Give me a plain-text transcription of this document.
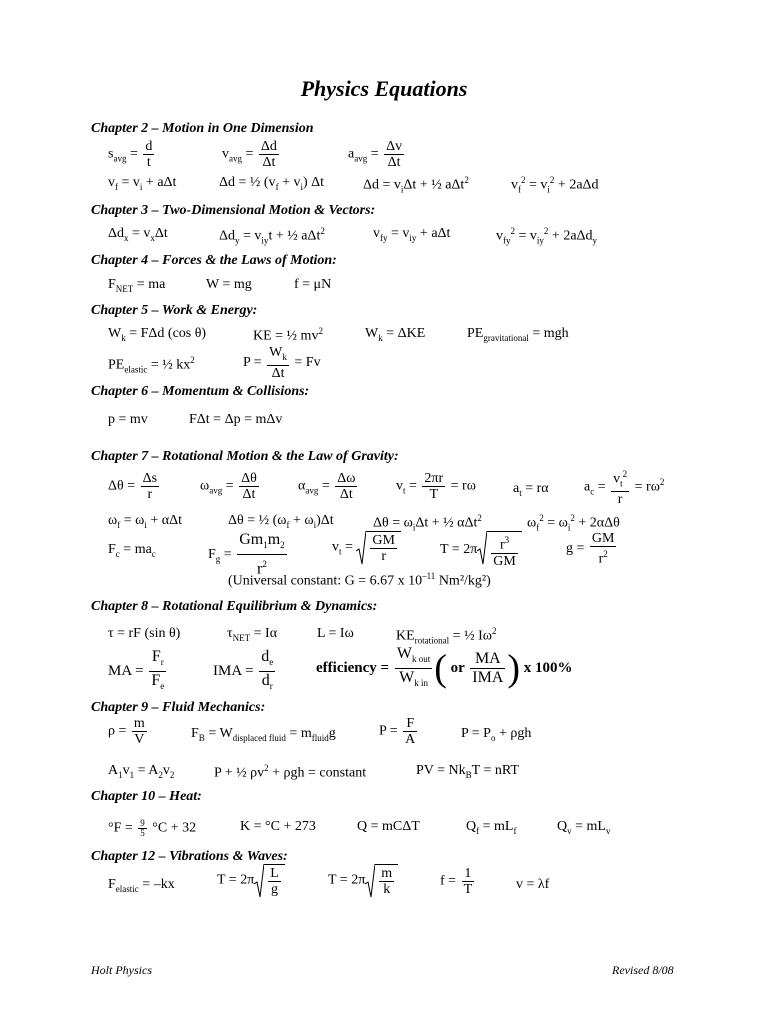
Physics Equations
Chapter 2 – Motion in One Dimension
$s_{avg} = \frac{d}{t}$	$v_{avg} = \frac{\Delta d}{\Delta t}$	$a_{avg} = \frac{\Delta v}{\Delta t}$
$v_f = v_i + a\Delta t$	Δd = ½ $(v_f + v_i)$ Δt	$\Delta d = v_i\Delta t$ + ½ aΔt$^2$	$v_f^2 = v_i^2 + 2a\Delta d$
Chapter 3 – Two-Dimensional Motion & Vectors:
$\Delta d_x = v_x\Delta t$	$\Delta d_y = v_{iy}t$ + ½ aΔt$^2$	$v_{fy} = v_{iy} + a\Delta t$	$v_{fy}^2 = v_{iy}^2 + 2a\Delta d_y$
Chapter 4 – Forces & the Laws of Motion:
$F_{NET}$ = ma	W = mg	f = μN
Chapter 5 – Work & Energy:
$W_k = F\Delta d$ (cos θ)	KE = ½ $mv^2$	$W_k = \Delta KE$	$PE_{gravitational}$ = mgh
$PE_{elastic}$ = ½ $kx^2$	$P = \frac{W_k}{\Delta t} = Fv$
Chapter 6 – Momentum & Collisions:
p = mv	FΔt = Δp = mΔv
Chapter 7 – Rotational Motion & the Law of Gravity:
$\Delta\theta = \frac{\Delta s}{r}$	$\omega_{avg} = \frac{\Delta\theta}{\Delta t}$	$\alpha_{avg} = \frac{\Delta\omega}{\Delta t}$	$v_t = \frac{2\pi r}{T} = r\omega$	$a_t = r\alpha$	$a_c = \frac{v_t^2}{r} = r\omega^2$
$\omega_f = \omega_i + \alpha\Delta t$	Δθ = ½ $(\omega_f + \omega_i)\Delta t$	$\Delta\theta = \omega_i\Delta t$ + ½ αΔt$^2$	$\omega_f^2 = \omega_i^2 + 2\alpha\Delta\theta$
$F_c = ma_c$	$F_g = \frac{Gm_1m_2}{r^2}$	$v_t = \frac{GM}{r}$	$T = 2\pi \frac{r^3}{GM}$	$g = \frac{GM}{r^2}$
(Universal constant: G = 6.67 x $10^{-11}$ Nm²/kg²)
Chapter 8 – Rotational Equilibrium & Dynamics:
τ = rF (sin θ)	$\tau_{NET} = I\alpha$	L = Iω	$KE_{rotational}$ = ½ $I\omega^2$
MA = $\frac{F_r}{F_e}$	IMA = $\frac{d_e}{d_r}$	efficiency = $\frac{W_{k out}}{W_{k in}}$ ( or $\frac{MA}{\text{IMA}}$ ) x 100%
Chapter 9 – Fluid Mechanics:
$\rho = \frac{m}{V}$	$F_B = W_{displaced fluid} = m_{fluid}g$	$P = \frac{F}{A}$	$P = P_o + \rho gh$
$A_1v_1 = A_2v_2$	P + ½ $\rho v^2 + \rho gh$ = constant	PV = $Nk_BT$ = nRT
Chapter 10 – Heat:
$^\circ F = \frac{9}{5} ^\circ C + 32$	K = °C + 273	Q = mCΔT	$Q_f = mL_f$	$Q_v = mL_v$
Chapter 12 – Vibrations & Waves:
$F_{elastic} = -kx$	$T = 2\pi \frac{L}{g}$	$T = 2\pi \frac{m}{k}$	$f = \frac{1}{T}$	v = λf
Holt Physics	Revised 8/08
